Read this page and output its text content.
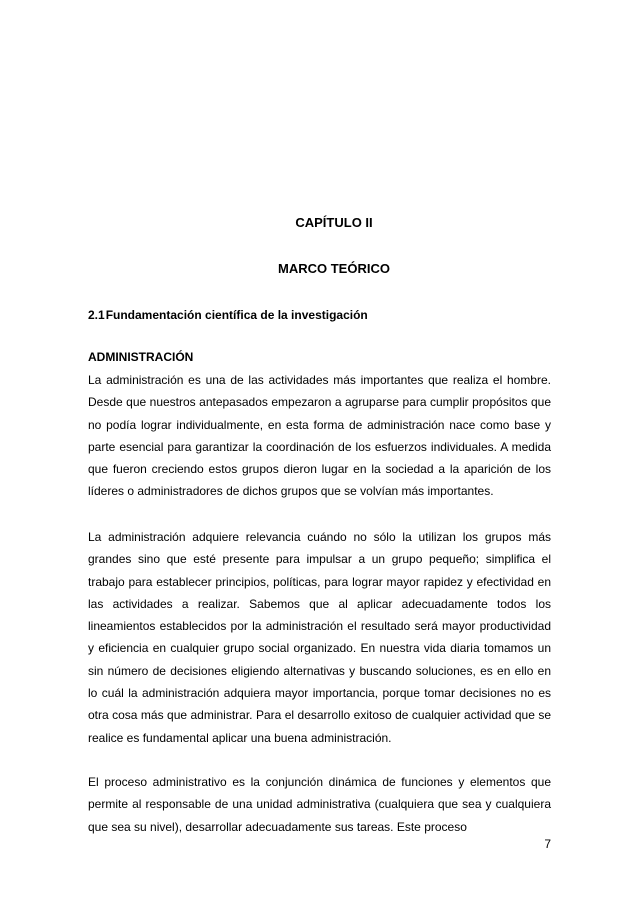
CAPÍTULO II
MARCO TEÓRICO
2.1Fundamentación científica de la investigación
ADMINISTRACIÓN

La administración es una de las actividades más importantes que realiza el hombre. Desde que nuestros antepasados empezaron a agruparse para cumplir propósitos que no podía lograr individualmente, en esta forma de administración nace como base y parte esencial para garantizar la coordinación de los esfuerzos individuales. A medida que fueron creciendo estos grupos dieron lugar en la sociedad a la aparición de los líderes o administradores de dichos grupos que se volvían más importantes.

La administración adquiere relevancia cuándo no sólo la utilizan los grupos más grandes sino que esté presente para impulsar a un grupo pequeño; simplifica el trabajo para establecer principios, políticas, para lograr mayor rapidez y efectividad en las actividades a realizar. Sabemos que al aplicar adecuadamente todos los lineamientos establecidos por la administración el resultado será mayor productividad y eficiencia en cualquier grupo social organizado. En nuestra vida diaria tomamos un sin número de decisiones eligiendo alternativas y buscando soluciones, es en ello en lo cuál la administración adquiera mayor importancia, porque tomar decisiones no es otra cosa más que administrar. Para el desarrollo exitoso de cualquier actividad que se realice es fundamental aplicar una buena administración.

El proceso administrativo es la conjunción dinámica de funciones y elementos que permite al responsable de una unidad administrativa (cualquiera que sea y cualquiera que sea su nivel), desarrollar adecuadamente sus tareas. Este proceso

7
